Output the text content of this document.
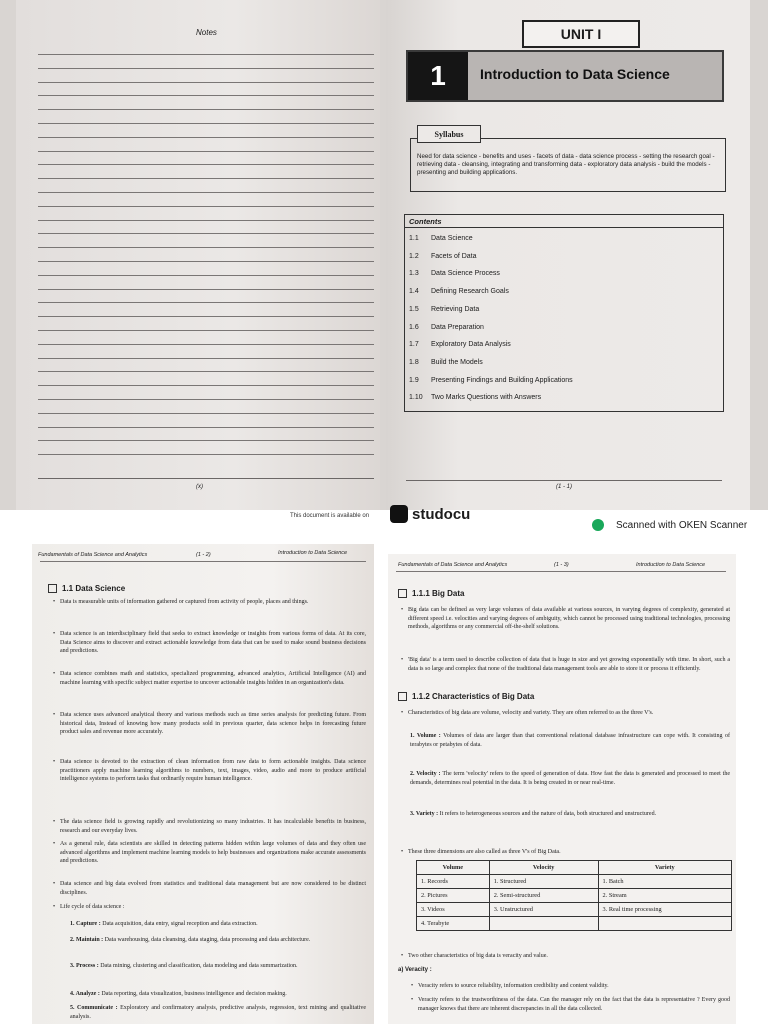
Notes
(x)
UNIT I
1	Introduction to Data Science
Syllabus
Need for data science - benefits and uses - facets of data - data science process - setting the research goal - retrieving data - cleansing, integrating and transforming data - exploratory data analysis - build the models - presenting and building applications.
Contents
1.1 Data Science
1.2 Facets of Data
1.3 Data Science Process
1.4 Defining Research Goals
1.5 Retrieving Data
1.6 Data Preparation
1.7 Exploratory Data Analysis
1.8 Build the Models
1.9 Presenting Findings and Building Applications
1.10 Two Marks Questions with Answers
(1 - 1)
This document is available on	studocu
Scanned with OKEN Scanner
Fundamentals of Data Science and Analytics	(1 - 2)	Introduction to Data Science
1.1 Data Science
• Data is measurable units of information gathered or captured from activity of people, places and things.
• Data science is an interdisciplinary field that seeks to extract knowledge or insights from various forms of data. At its core, Data Science aims to discover and extract actionable knowledge from data that can be used to make sound business decisions and predictions.
• Data science combines math and statistics, specialized programming, advanced analytics, Artificial Intelligence (AI) and machine learning with specific subject matter expertise to uncover actionable insights hidden in an organization's data.
• Data science uses advanced analytical theory and various methods such as time series analysis for predicting future. From historical data, Instead of knowing how many products sold in previous quarter, data science helps in forecasting future product sales and revenue more accurately.
• Data science is devoted to the extraction of clean information from raw data to form actionable insights. Data science practitioners apply machine learning algorithms to numbers, text, images, video, audio and more to produce artificial intelligence systems to perform tasks that ordinarily require human intelligence.
• The data science field is growing rapidly and revolutionizing so many industries. It has incalculable benefits in business, research and our everyday lives.
• As a general rule, data scientists are skilled in detecting patterns hidden within large volumes of data and they often use advanced algorithms and implement machine learning models to help businesses and organizations make accurate assessments and predictions.
• Data science and big data evolved from statistics and traditional data management but are now considered to be distinct disciplines.
• Life cycle of data science :
1. Capture : Data acquisition, data entry, signal reception and data extraction.
2. Maintain : Data warehousing, data cleansing, data staging, data processing and data architecture.
3. Process : Data mining, clustering and classification, data modeling and data summarization.
4. Analyze : Data reporting, data visualization, business intelligence and decision making.
5. Communicate : Exploratory and confirmatory analysis, predictive analysis, regression, text mining and qualitative analysis.
Fundamentals of Data Science and Analytics	(1 - 3)	Introduction to Data Science
1.1.1 Big Data
• Big data can be defined as very large volumes of data available at various sources, in varying degrees of complexity, generated at different speed i.e. velocities and varying degrees of ambiguity, which cannot be processed using traditional technologies, processing methods, algorithms or any commercial off-the-shelf solutions.
• 'Big data' is a term used to describe collection of data that is huge in size and yet growing exponentially with time. In short, such a data is so large and complex that none of the traditional data management tools are able to store it or process it efficiently.
1.1.2 Characteristics of Big Data
• Characteristics of big data are volume, velocity and variety. They are often referred to as the three V's.
1. Volume : Volumes of data are larger than that conventional relational database infrastructure can cope with. It consisting of terabytes or petabytes of data.
2. Velocity : The term 'velocity' refers to the speed of generation of data. How fast the data is generated and processed to meet the demands, determines real potential in the data. It is being created in or near real-time.
3. Variety : It refers to heterogeneous sources and the nature of data, both structured and unstructured.
• These three dimensions are also called as three V's of Big Data.
Volume	Velocity	Variety
1. Records	1. Structured	1. Batch
2. Pictures	2. Semi-structured	2. Stream
3. Videos	3. Unstructured	3. Real time processing
4. Terabyte		
• Two other characteristics of big data is veracity and value.
a) Veracity :
• Veracity refers to source reliability, information credibility and content validity.
• Veracity refers to the trustworthiness of the data. Can the manager rely on the fact that the data is representative ? Every good manager knows that there are inherent discrepancies in all the data collected.
